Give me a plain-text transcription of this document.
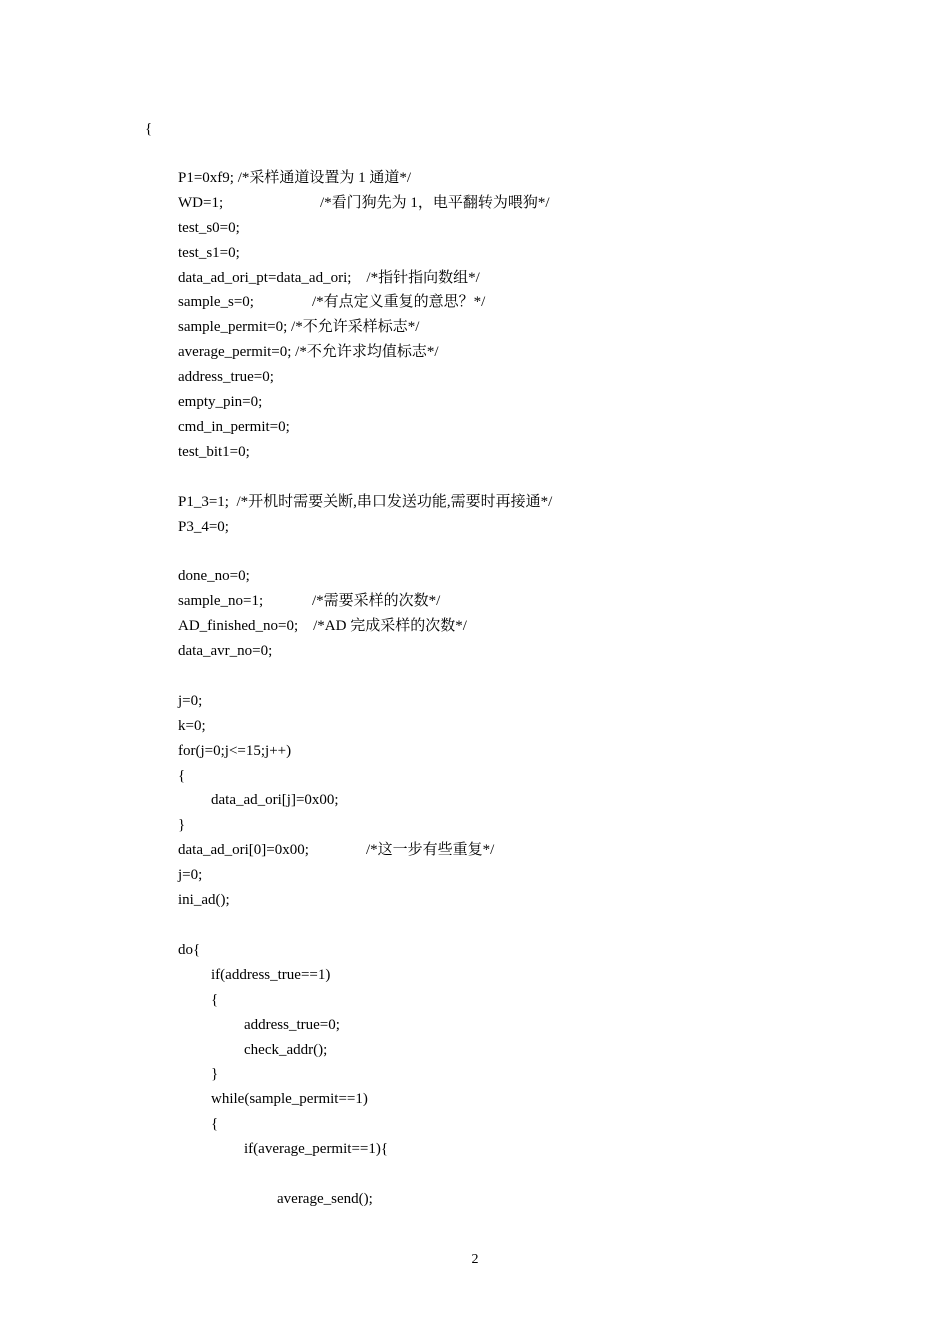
{
P1=0xf9; /*采样通道设置为 1 通道*/
WD=1;	/*看门狗先为 1，电平翻转为喂狗*/
test_s0=0;
test_s1=0;
data_ad_ori_pt=data_ad_ori;    /*指针指向数组*/
sample_s=0;	/*有点定义重复的意思？*/
sample_permit=0; /*不允许采样标志*/
average_permit=0; /*不允许求均值标志*/
address_true=0;
empty_pin=0;
cmd_in_permit=0;
test_bit1=0;
P1_3=1;  /*开机时需要关断,串口发送功能,需要时再接通*/
P3_4=0;
done_no=0;
sample_no=1;	/*需要采样的次数*/
AD_finished_no=0;    /*AD 完成采样的次数*/
data_avr_no=0;
j=0;
k=0;
for(j=0;j<=15;j++)
{
data_ad_ori[j]=0x00;
}
data_ad_ori[0]=0x00;	/*这一步有些重复*/
j=0;
ini_ad();
do{
if(address_true==1)
{
address_true=0;
check_addr();
}
while(sample_permit==1)
{
if(average_permit==1){
average_send();
2
